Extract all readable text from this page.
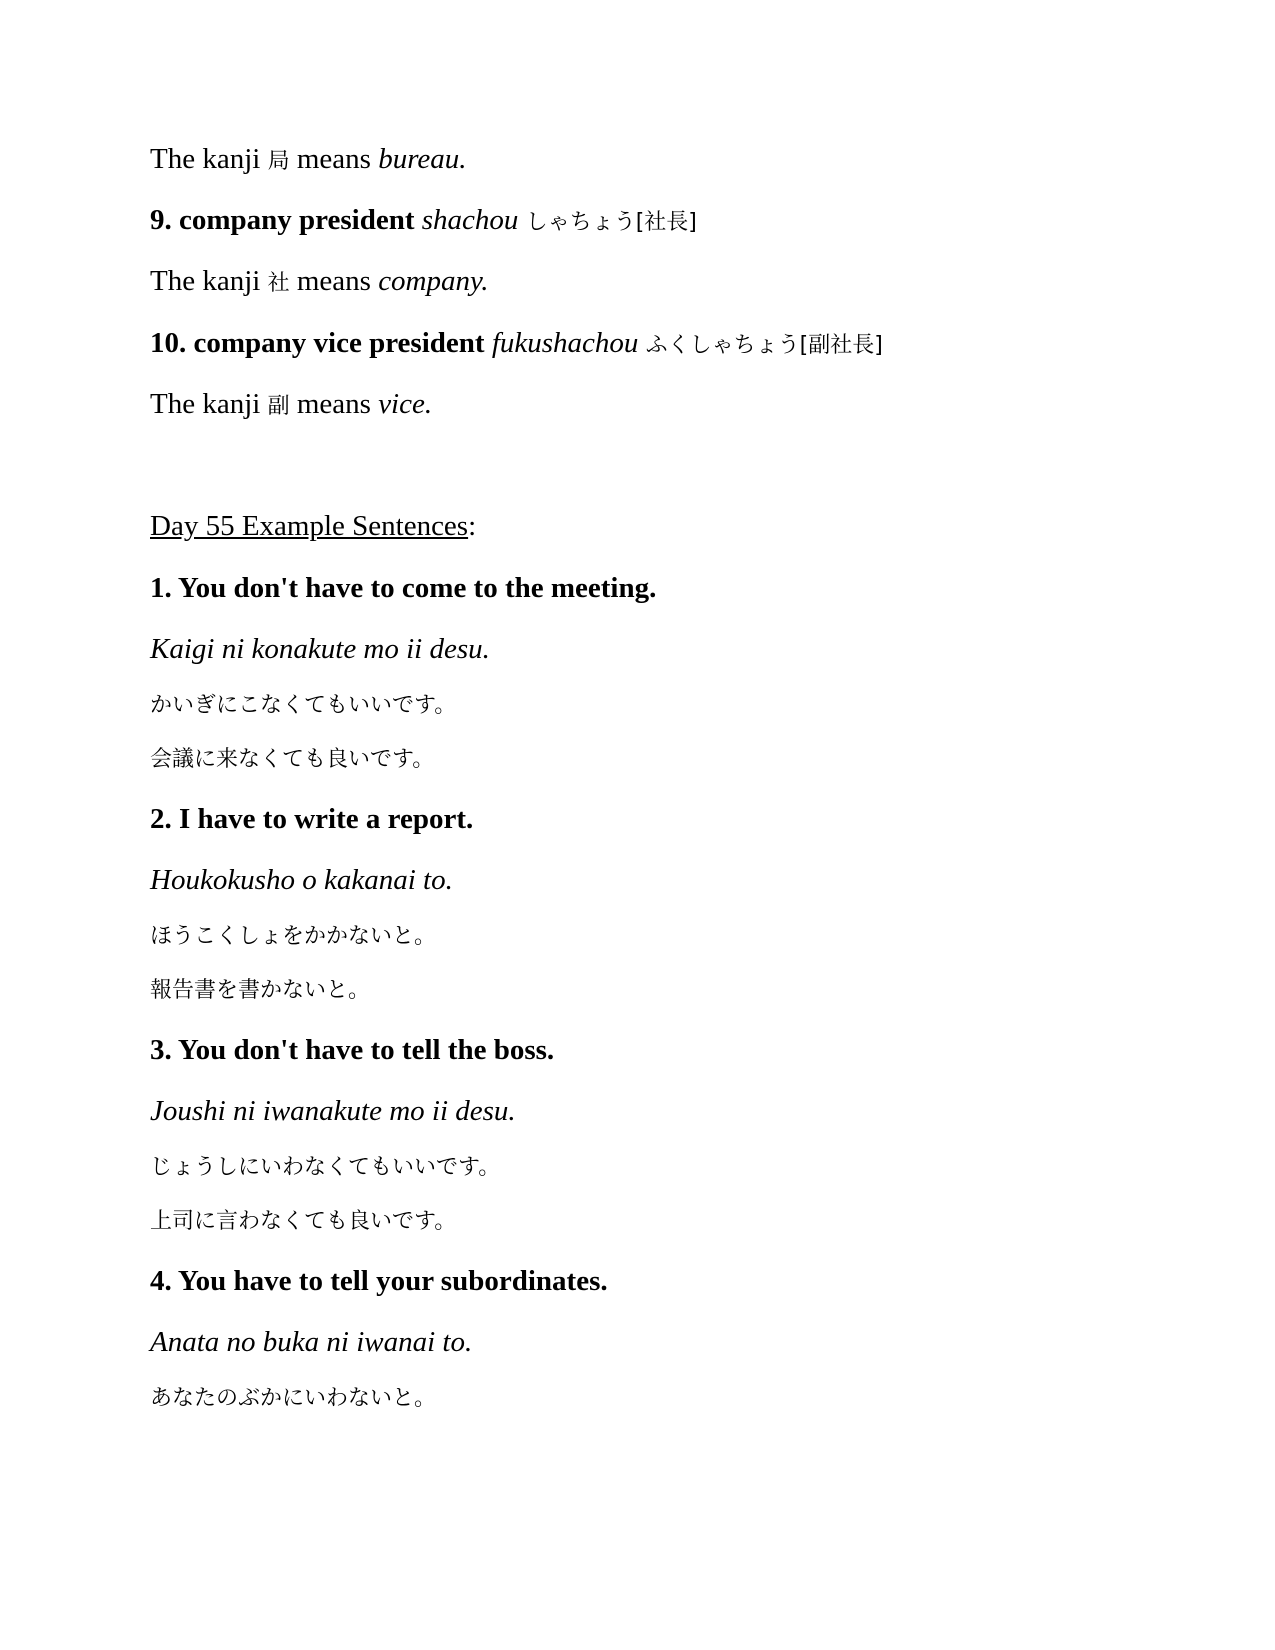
The kanji 局 means bureau.
9. company president shachou しゃちょう[社長]
The kanji 社 means company.
10. company vice president fukushachou ふくしゃちょう[副社長]
The kanji 副 means vice.
Day 55 Example Sentences:
1. You don't have to come to the meeting.
Kaigi ni konakute mo ii desu.
かいぎにこなくてもいいです。
会議に来なくても良いです。
2. I have to write a report.
Houkokusho o kakanai to.
ほうこくしょをかかないと。
報告書を書かないと。
3. You don't have to tell the boss.
Joushi ni iwanakute mo ii desu.
じょうしにいわなくてもいいです。
上司に言わなくても良いです。
4. You have to tell your subordinates.
Anata no buka ni iwanai to.
あなたのぶかにいわないと。
